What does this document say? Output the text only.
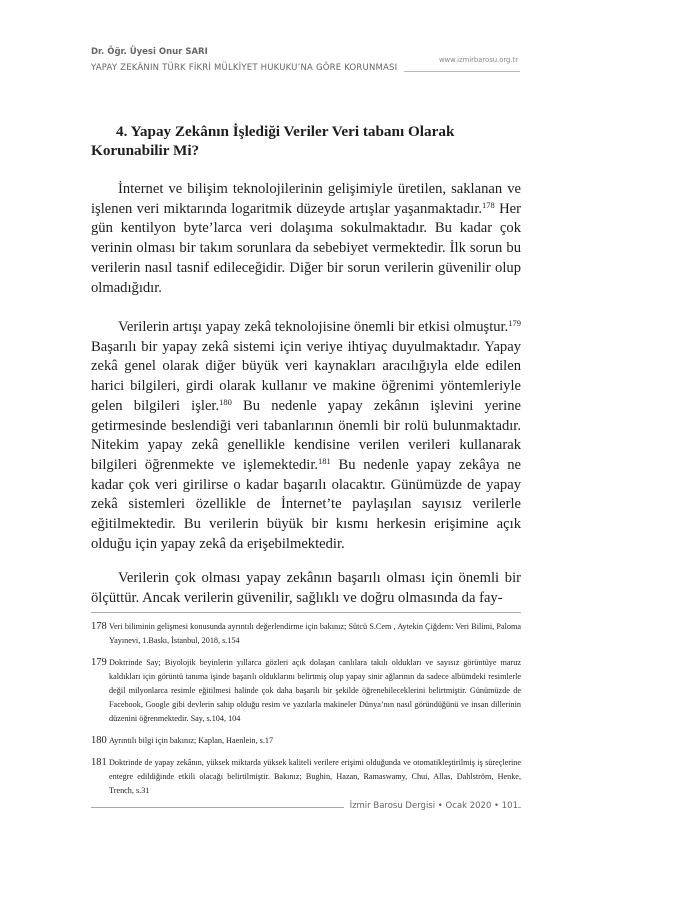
Dr. Öğr. Üyesi Onur SARI
YAPAY ZEKÂNIN TÜRK FİKRİ MÜLKİYET HUKUKU’NA GÖRE KORUNMASI
www.izmirbarosu.org.tr
4. Yapay Zekânın İşlediği Veriler Veri tabanı Olarak Korunabilir Mi?

İnternet ve bilişim teknolojilerinin gelişimiyle üretilen, saklanan ve işlenen veri miktarında logaritmik düzeyde artışlar yaşanmaktadır.$^{178}$ Her gün kentilyon byte’larca veri dolaşıma sokulmaktadır. Bu kadar çok verinin olması bir takım sorunlara da sebebiyet vermektedir. İlk sorun bu verilerin nasıl tasnif edileceğidir. Diğer bir sorun verilerin güvenilir olup olmadığıdır.

Verilerin artışı yapay zekâ teknolojisine önemli bir etkisi olmuştur.$^{179}$ Başarılı bir yapay zekâ sistemi için veriye ihtiyaç duyulmaktadır. Yapay zekâ genel olarak diğer büyük veri kaynakları aracılığıyla elde edilen harici bilgileri, girdi olarak kullanır ve makine öğrenimi yöntemleriyle gelen bilgileri işler.$^{180}$ Bu nedenle yapay zekânın işlevini yerine getirmesinde beslendiği veri tabanlarının önemli bir rolü bulunmaktadır. Nitekim yapay zekâ genellikle kendisine verilen verileri kullanarak bilgileri öğrenmekte ve işlemektedir.$^{181}$ Bu nedenle yapay zekâya ne kadar çok veri girilirse o kadar başarılı olacaktır. Günümüzde de yapay zekâ sistemleri özellikle de İnternet’te paylaşılan sayısız verilerle eğitilmektedir. Bu verilerin büyük bir kısmı herkesin erişimine açık olduğu için yapay zekâ da erişebilmektedir.

Verilerin çok olması yapay zekânın başarılı olması için önemli bir ölçüttür. Ancak verilerin güvenilir, sağlıklı ve doğru olmasında da fay-

178 Veri biliminin gelişmesi konusunda ayrıntılı değerlendirme için bakınız; Sütcü S.Cem , Aytekin Çiğdem: Veri Bilimi, Paloma Yayınevi, 1.Baskı, İstanbul, 2018, s.154
179 Doktrinde Say; Biyolojik beyinlerin yıllarca gözleri açık dolaşan canlılara takılı oldukları ve sayısız görüntüye maruz kaldıkları için görüntü tanıma işinde başarılı olduklarını belirtmiş olup yapay sinir ağlarının da sadece albümdeki resimlerle değil milyonlarca resimle eğitilmesi halinde çok daha başarılı bir şekilde öğrenebileceklerini belirtmiştir. Günümüzde de Facebook, Google gibi devlerin sahip olduğu resim ve yazılarla makineler Dünya’nın nasıl göründüğünü ve insan dillerinin düzenini öğrenmektedir. Say, s.104, 104
180 Ayrıntılı bilgi için bakınız; Kaplan, Haenlein, s.17
181 Doktrinde de yapay zekânın, yüksek miktarda yüksek kaliteli verilere erişimi olduğunda ve otomatikleştirilmiş iş süreçlerine entegre edildiğinde etkili olacağı belirtilmiştir. Bakınız; Bughin, Hazan, Ramaswamy, Chui, Allas, Dahlström, Henke, Trench, s.31
İzmir Barosu Dergisi • Ocak 2020 • 101
